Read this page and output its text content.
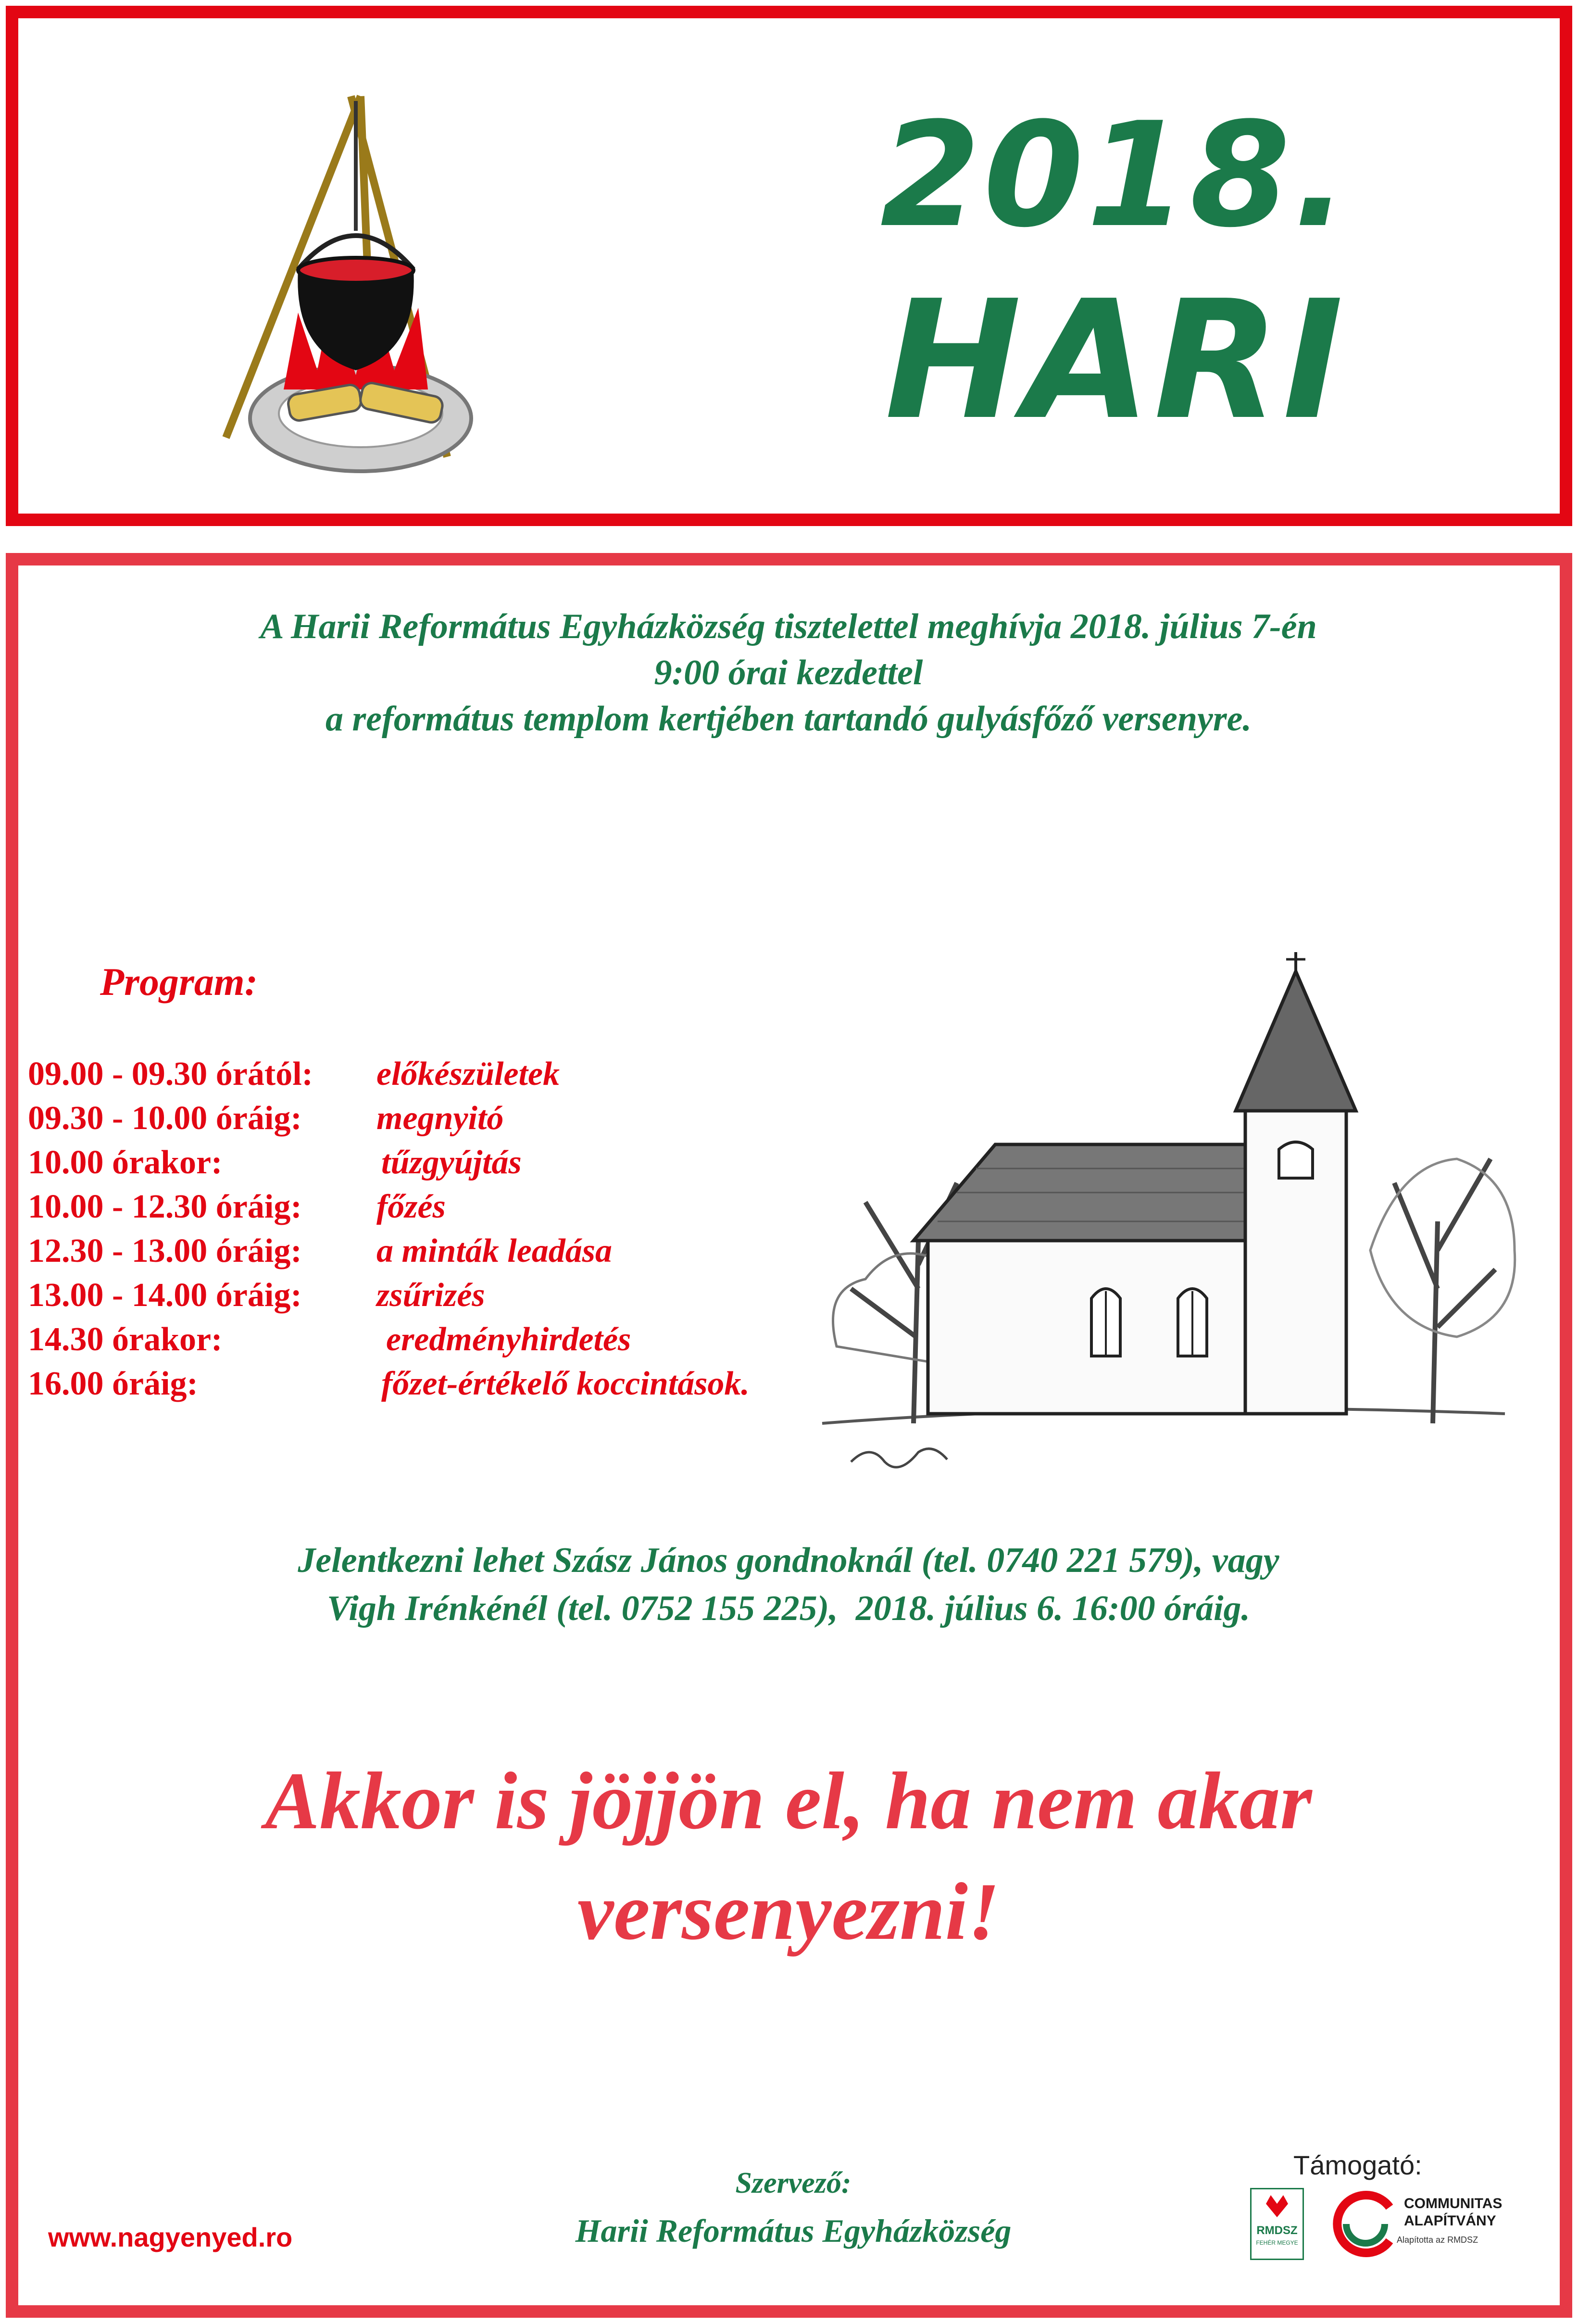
2018.
HARI
A Harii Református Egyházközség tisztelettel meghívja 2018. július 7-én
9:00 órai kezdettel
a református templom kertjében tartandó gulyásfőző versenyre.
Program:
09.00 - 09.30 órától: előkészületek
09.30 - 10.00 óráig: megnyitó
10.00 órakor:	tűzgyújtás
10.00 - 12.30 óráig: főzés
12.30 - 13.00 óráig: a minták leadása
13.00 - 14.00 óráig: zsűrizés
14.30 órakor:	eredményhirdetés
16.00 óráig:	főzet-értékelő koccintások.
Jelentkezni lehet Szász János gondnoknál (tel. 0740 221 579), vagy
Vigh Irénkénél (tel. 0752 155 225),  2018. július 6. 16:00 óráig.
Akkor is jöjjön el, ha nem akar
versenyezni!
Szervező:
Harii Református Egyházközség
www.nagyenyed.ro
Támogató:
RMDSZ
FEHÉR MEGYE
COMMUNITAS
ALAPÍTVÁNY
Alapította az RMDSZ
